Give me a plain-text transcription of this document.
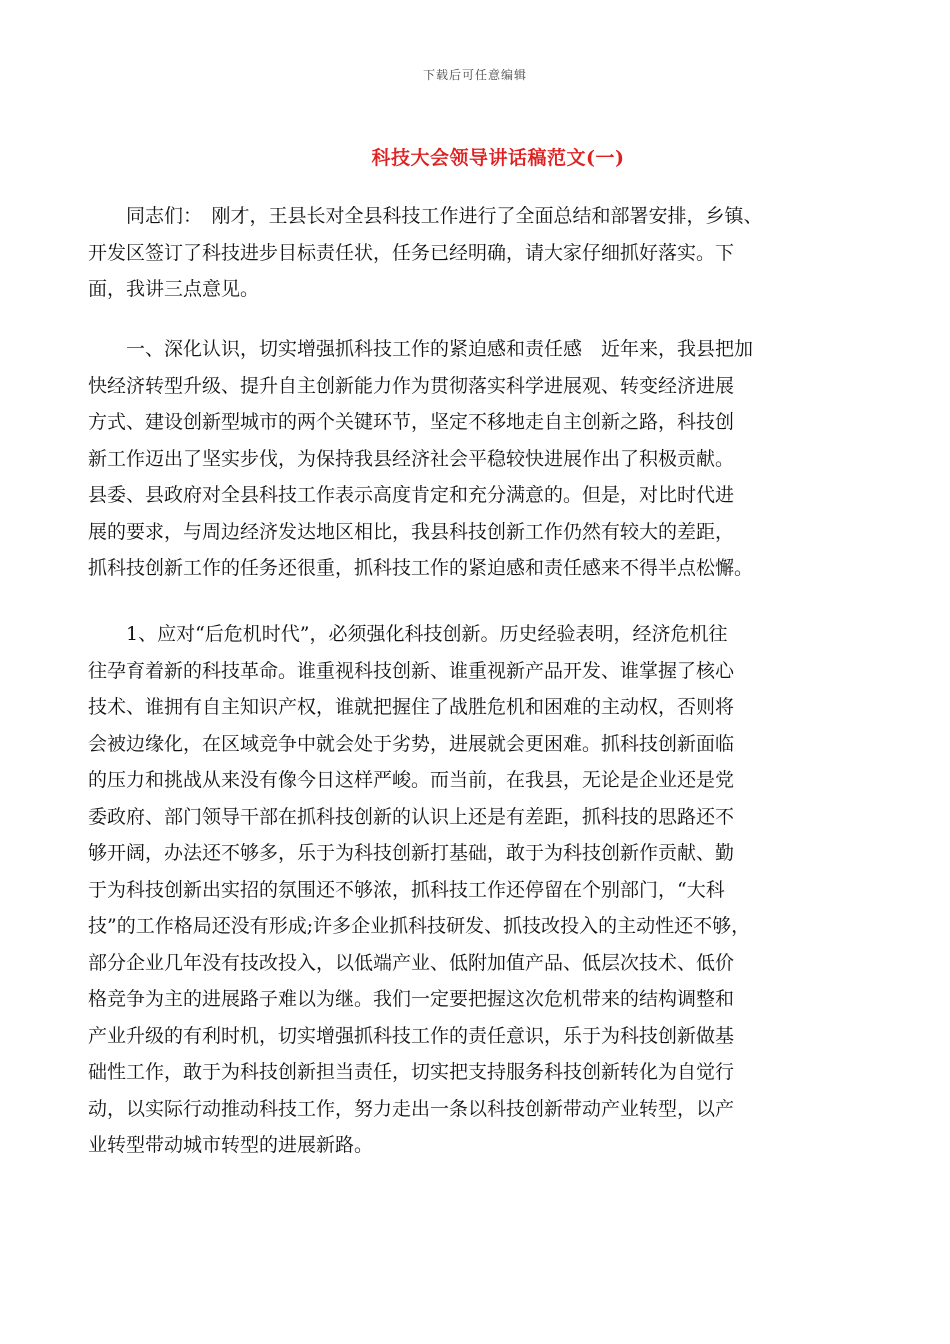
下载后可任意编辑
科技大会领导讲话稿范文(一)
　　同志们：　刚才，王县长对全县科技工作进行了全面总结和部署安排，乡镇、
开发区签订了科技进步目标责任状，任务已经明确，请大家仔细抓好落实。下
面，我讲三点意见。
　　一、深化认识，切实增强抓科技工作的紧迫感和责任感　近年来，我县把加
快经济转型升级、提升自主创新能力作为贯彻落实科学进展观、转变经济进展
方式、建设创新型城市的两个关键环节，坚定不移地走自主创新之路，科技创
新工作迈出了坚实步伐，为保持我县经济社会平稳较快进展作出了积极贡献。
县委、县政府对全县科技工作表示高度肯定和充分满意的。但是，对比时代进
展的要求，与周边经济发达地区相比，我县科技创新工作仍然有较大的差距，
抓科技创新工作的任务还很重，抓科技工作的紧迫感和责任感来不得半点松懈。
　　1、应对“后危机时代”，必须强化科技创新。历史经验表明，经济危机往
往孕育着新的科技革命。谁重视科技创新、谁重视新产品开发、谁掌握了核心
技术、谁拥有自主知识产权，谁就把握住了战胜危机和困难的主动权，否则将
会被边缘化，在区域竞争中就会处于劣势，进展就会更困难。抓科技创新面临
的压力和挑战从来没有像今日这样严峻。而当前，在我县，无论是企业还是党
委政府、部门领导干部在抓科技创新的认识上还是有差距，抓科技的思路还不
够开阔，办法还不够多，乐于为科技创新打基础，敢于为科技创新作贡献、勤
于为科技创新出实招的氛围还不够浓，抓科技工作还停留在个别部门，“大科
技”的工作格局还没有形成;许多企业抓科技研发、抓技改投入的主动性还不够，
部分企业几年没有技改投入，以低端产业、低附加值产品、低层次技术、低价
格竞争为主的进展路子难以为继。我们一定要把握这次危机带来的结构调整和
产业升级的有利时机，切实增强抓科技工作的责任意识，乐于为科技创新做基
础性工作，敢于为科技创新担当责任，切实把支持服务科技创新转化为自觉行
动，以实际行动推动科技工作，努力走出一条以科技创新带动产业转型，以产
业转型带动城市转型的进展新路。
